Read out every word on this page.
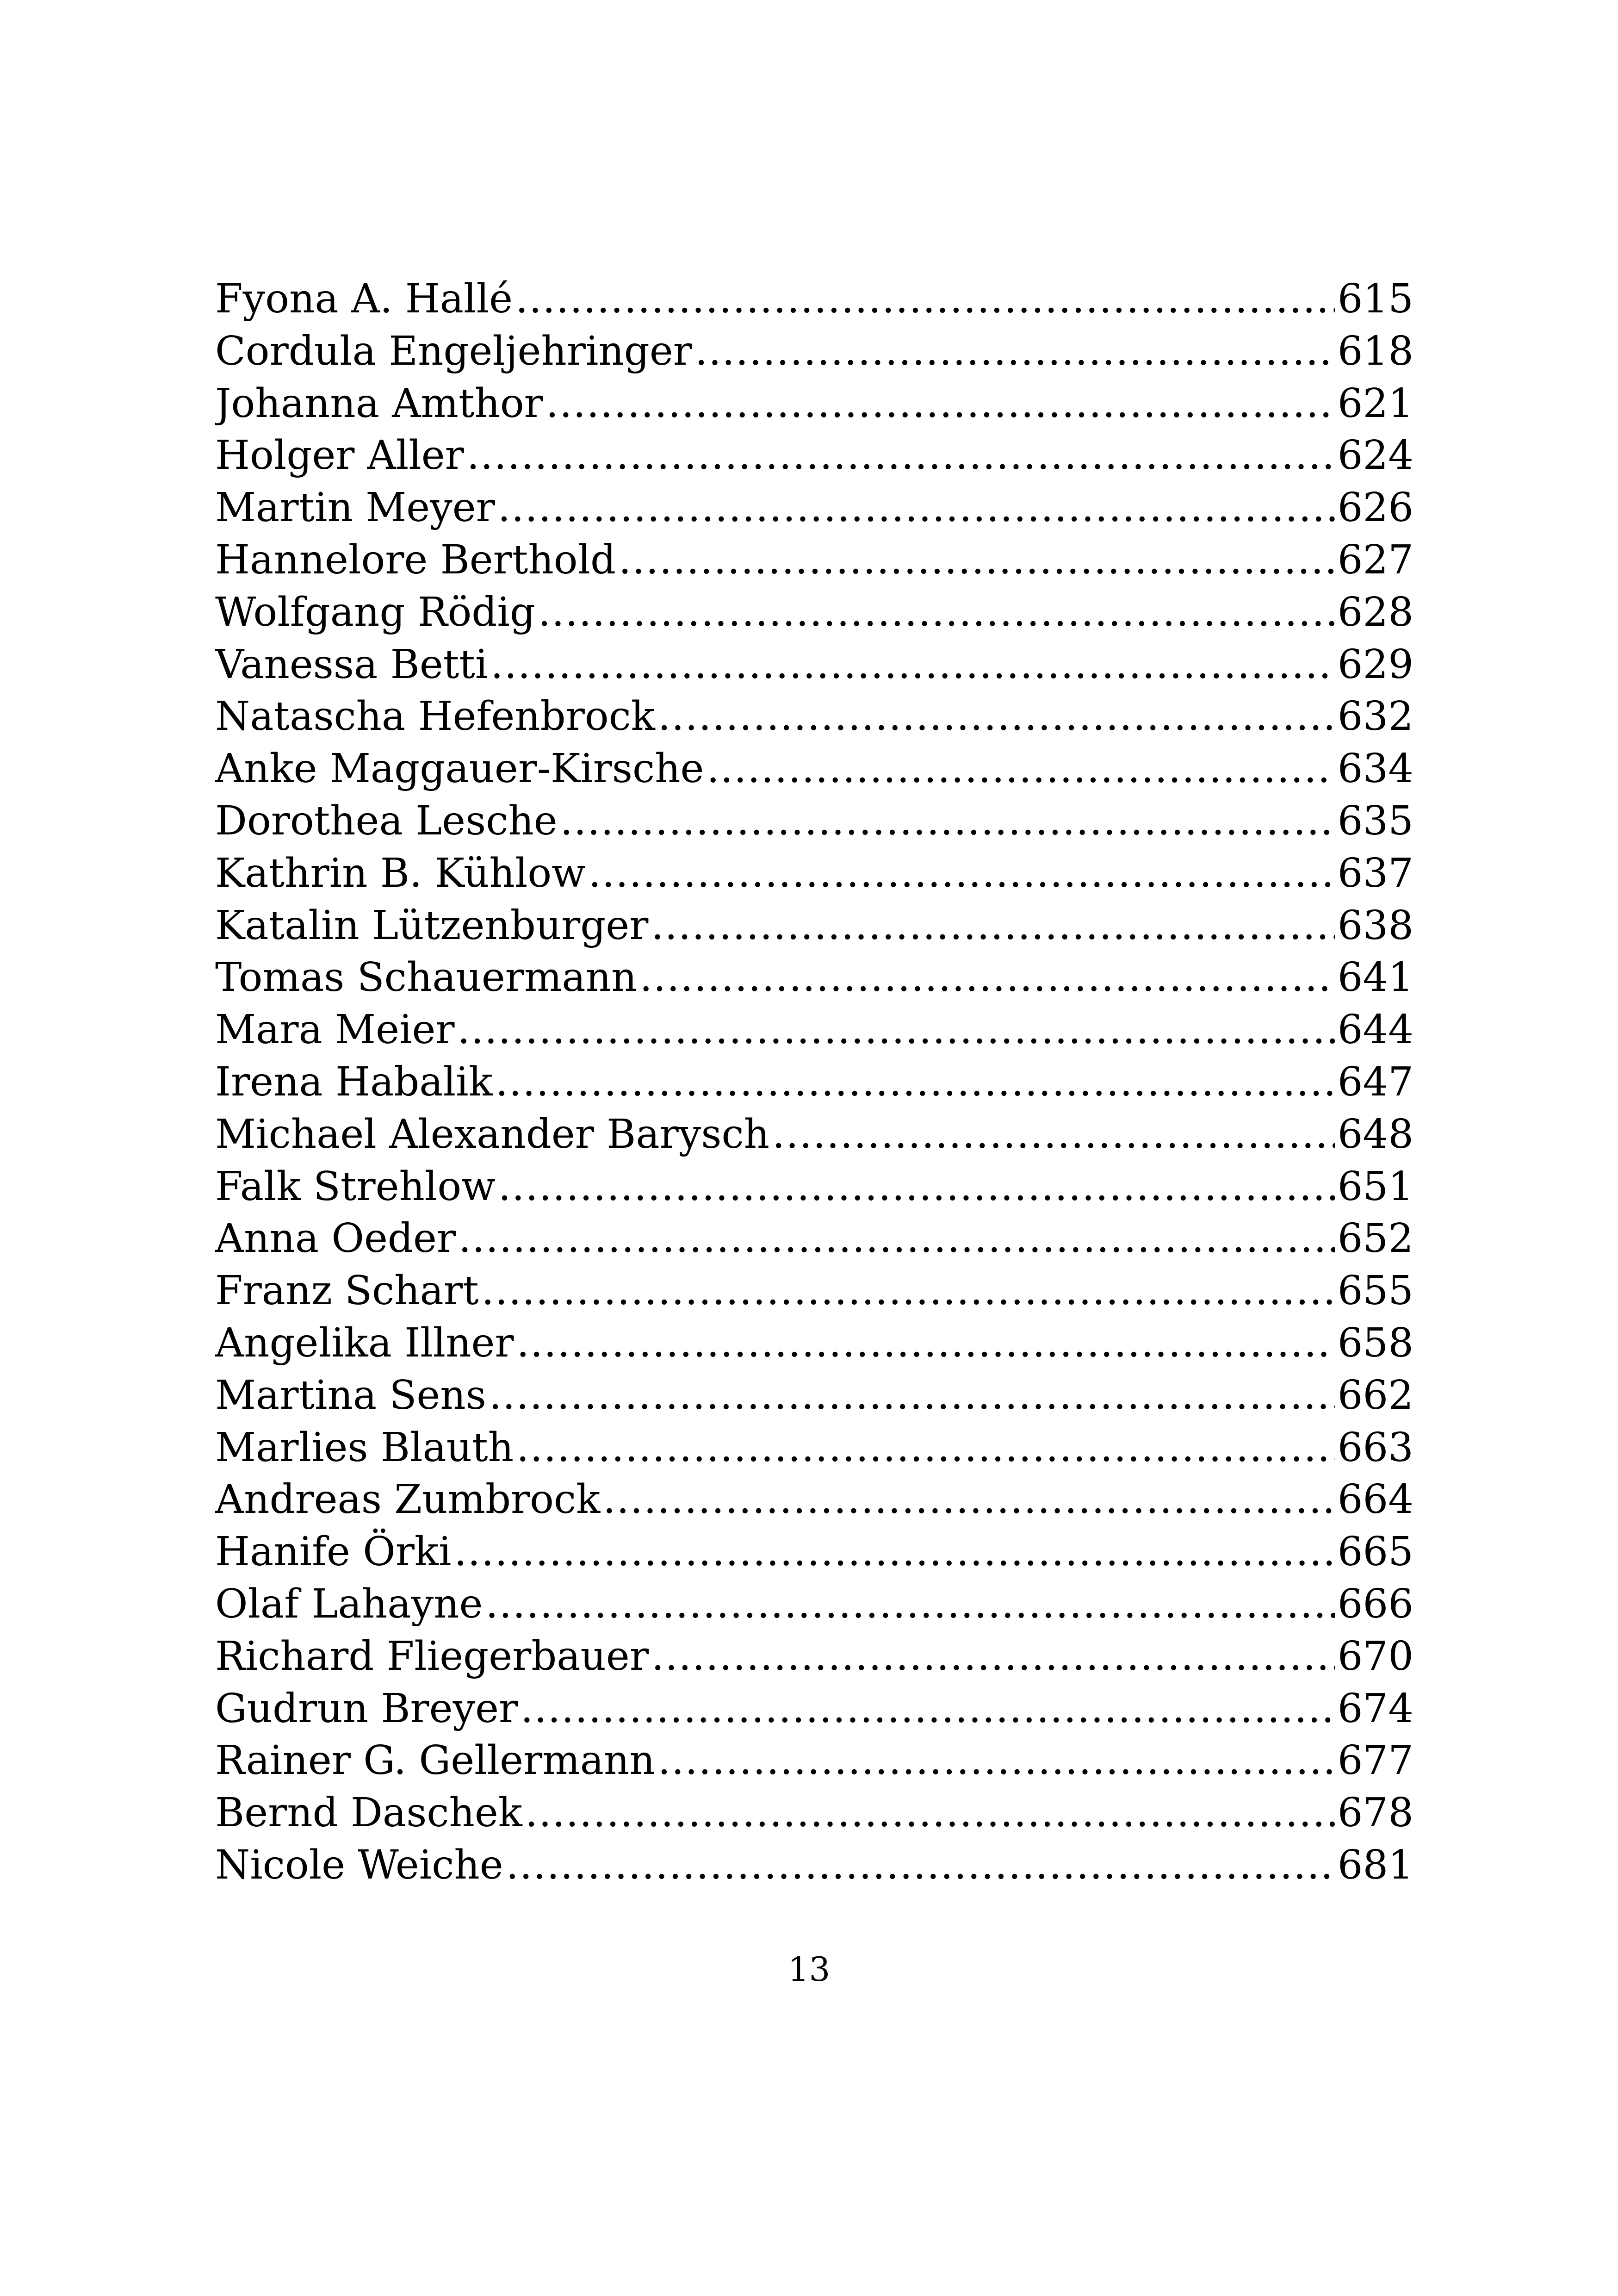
Fyona A. Hallé .....	615
Cordula Engeljehringer .....	618
Johanna Amthor .....	621
Holger Aller .....	624
Martin Meyer .....	626
Hannelore Berthold .....	627
Wolfgang Rödig .....	628
Vanessa Betti .....	629
Natascha Hefenbrock .....	632
Anke Maggauer-Kirsche .....	634
Dorothea Lesche .....	635
Kathrin B. Kühlow .....	637
Katalin Lützenburger .....	638
Tomas Schauermann .....	641
Mara Meier .....	644
Irena Habalik .....	647
Michael Alexander Barysch .....	648
Falk Strehlow .....	651
Anna Oeder .....	652
Franz Schart .....	655
Angelika Illner .....	658
Martina Sens .....	662
Marlies Blauth .....	663
Andreas Zumbrock .....	664
Hanife Örki .....	665
Olaf Lahayne .....	666
Richard Fliegerbauer .....	670
Gudrun Breyer .....	674
Rainer G. Gellermann .....	677
Bernd Daschek .....	678
Nicole Weiche .....	681
13
